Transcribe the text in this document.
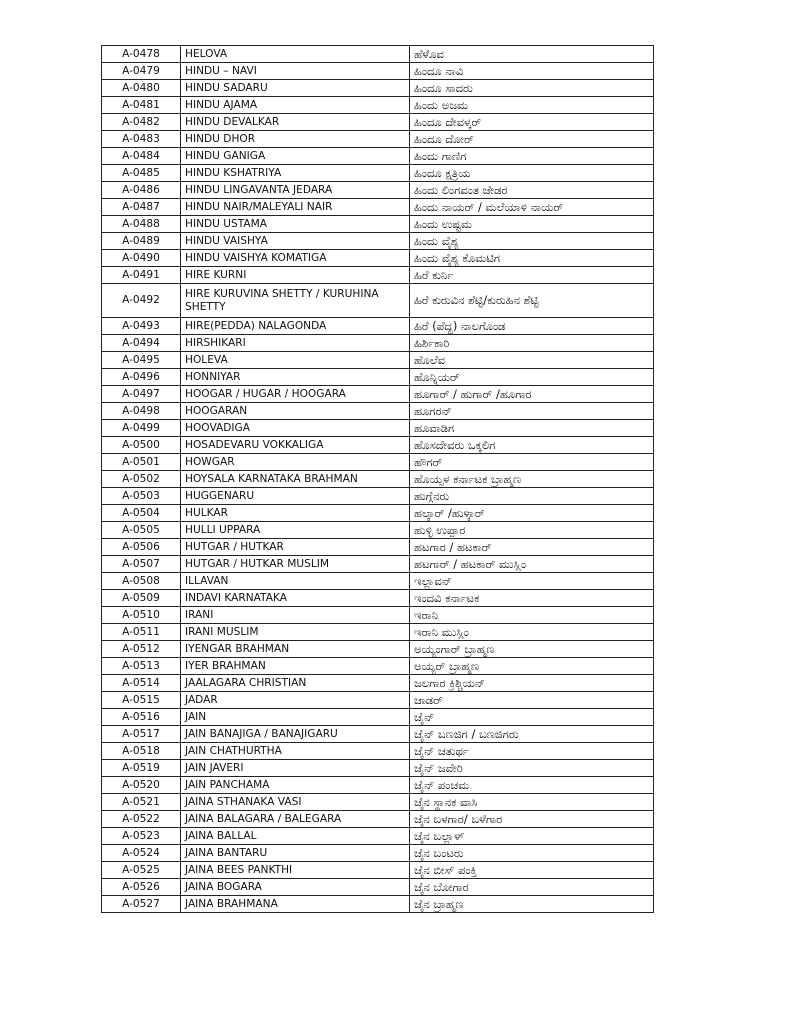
A-0478	HELOVA	ಹೆಳೊವ
A-0479	HINDU – NAVI	ಹಿಂದೂ ನಾವಿ
A-0480	HINDU SADARU	ಹಿಂದೂ ಸಾದರು
A-0481	HINDU AJAMA	ಹಿಂದು ಅಜಮ
A-0482	HINDU DEVALKAR	ಹಿಂದೂ ದೇವಳ್ಕರ್
A-0483	HINDU DHOR	ಹಿಂದೂ ದೋರ್
A-0484	HINDU GANIGA	ಹಿಂದು ಗಾಣಿಗ
A-0485	HINDU KSHATRIYA	ಹಿಂದೂ ಕ್ಷತ್ರಿಯ
A-0486	HINDU LINGAVANTA JEDARA	ಹಿಂದು ಲಿಂಗವಂತ ಜೇಡರ
A-0487	HINDU NAIR/MALEYALI NAIR	ಹಿಂದು ನಾಯರ್ / ಮಲೆಯಾಳಿ ನಾಯರ್
A-0488	HINDU USTAMA	ಹಿಂದು ಉಷ್ಟಮ
A-0489	HINDU VAISHYA	ಹಿಂದು ವೈಶ್ಯ
A-0490	HINDU VAISHYA KOMATIGA	ಹಿಂದು ವೈಶ್ಯ ಕೊಮಟಿಗ
A-0491	HIRE KURNI	ಹಿರೆ ಕುರ್ನಿ
A-0492	HIRE KURUVINA SHETTY / KURUHINA SHETTY	ಹಿರೆ ಕುರುವಿನ ಶೆಟ್ಟಿ/ಕುರುಹಿನ ಶೆಟ್ಟಿ
A-0493	HIRE(PEDDA) NALAGONDA	ಹಿರೆ (ಪೆದ್ದ) ನಾಲಗೊಂಡ
A-0494	HIRSHIKARI	ಹಿರ್ಶಿಕಾರಿ
A-0495	HOLEVA	ಹೊಲೆವ
A-0496	HONNIYAR	ಹೊನ್ನಿಯರ್
A-0497	HOOGAR / HUGAR / HOOGARA	ಹೂಗಾರ್ / ಹುಗಾರ್ /ಹೂಗಾರ
A-0498	HOOGARAN	ಹೂಗರನ್
A-0499	HOOVADIGA	ಹೂವಾಡಿಗ
A-0500	HOSADEVARU VOKKALIGA	ಹೊಸದೇವರು ಒಕ್ಕಲಿಗ
A-0501	HOWGAR	ಹೌಗರ್
A-0502	HOYSALA KARNATAKA BRAHMAN	ಹೊಯ್ಸಳ ಕರ್ನಾಟಕ ಬ್ರಾಹ್ಮಣ
A-0503	HUGGENARU	ಹುಗ್ಗೆನರು
A-0504	HULKAR	ಹಲ್ಕಾರ್ /ಹುಳ್ಕಾರ್
A-0505	HULLI UPPARA	ಹುಳ್ಳಿ ಉಪ್ಪಾರ
A-0506	HUTGAR / HUTKAR	ಹಟಗಾರ / ಹಟಕಾರ್
A-0507	HUTGAR / HUTKAR MUSLIM	ಹಟಗಾರ್ / ಹಟಕಾರ್ ಮುಸ್ಲಿಂ
A-0508	ILLAVAN	ಇಲ್ಲಾವನ್
A-0509	INDAVI KARNATAKA	ಇಂದವಿ ಕರ್ನಾಟಕ
A-0510	IRANI	ಇರಾನಿ
A-0511	IRANI MUSLIM	ಇರಾನಿ ಮುಸ್ಲಿಂ
A-0512	IYENGAR BRAHMAN	ಅಯ್ಯಂಗಾರ್ ಬ್ರಾಹ್ಮಣ
A-0513	IYER BRAHMAN	ಅಯ್ಯರ್ ಬ್ರಾಹ್ಮಣ
A-0514	JAALAGARA CHRISTIAN	ಜಲಗಾರ ಕ್ರಿಶ್ಚಿಯನ್
A-0515	JADAR	ಜಾಡರ್
A-0516	JAIN	ಜೈನ್
A-0517	JAIN BANAJIGA / BANAJIGARU	ಜೈನ್ ಬಣಜಿಗ / ಬಣಜಿಗರು
A-0518	JAIN CHATHURTHA	ಜೈನ್ ಚತುರ್ಥ
A-0519	JAIN JAVERI	ಜೈನ್ ಜವೇರಿ
A-0520	JAIN PANCHAMA	ಜೈನ್ ಪಂಚಮ
A-0521	JAINA STHANAKA VASI	ಜೈನ ಸ್ಥಾನಕ ವಾಸಿ
A-0522	JAINA BALAGARA / BALEGARA	ಜೈನ ಬಳಗಾರ/ ಬಳೆಗಾರ
A-0523	JAINA BALLAL	ಜೈನ ಬಲ್ಲಾಳ್
A-0524	JAINA BANTARU	ಜೈನ ಬಂಟರು
A-0525	JAINA BEES PANKTHI	ಜೈನ ಬೀಸ್ ಪಂಕ್ತಿ
A-0526	JAINA BOGARA	ಜೈನ ಬೋಗಾರ
A-0527	JAINA BRAHMANA	ಜೈನ ಬ್ರಾಹ್ಮಣ
